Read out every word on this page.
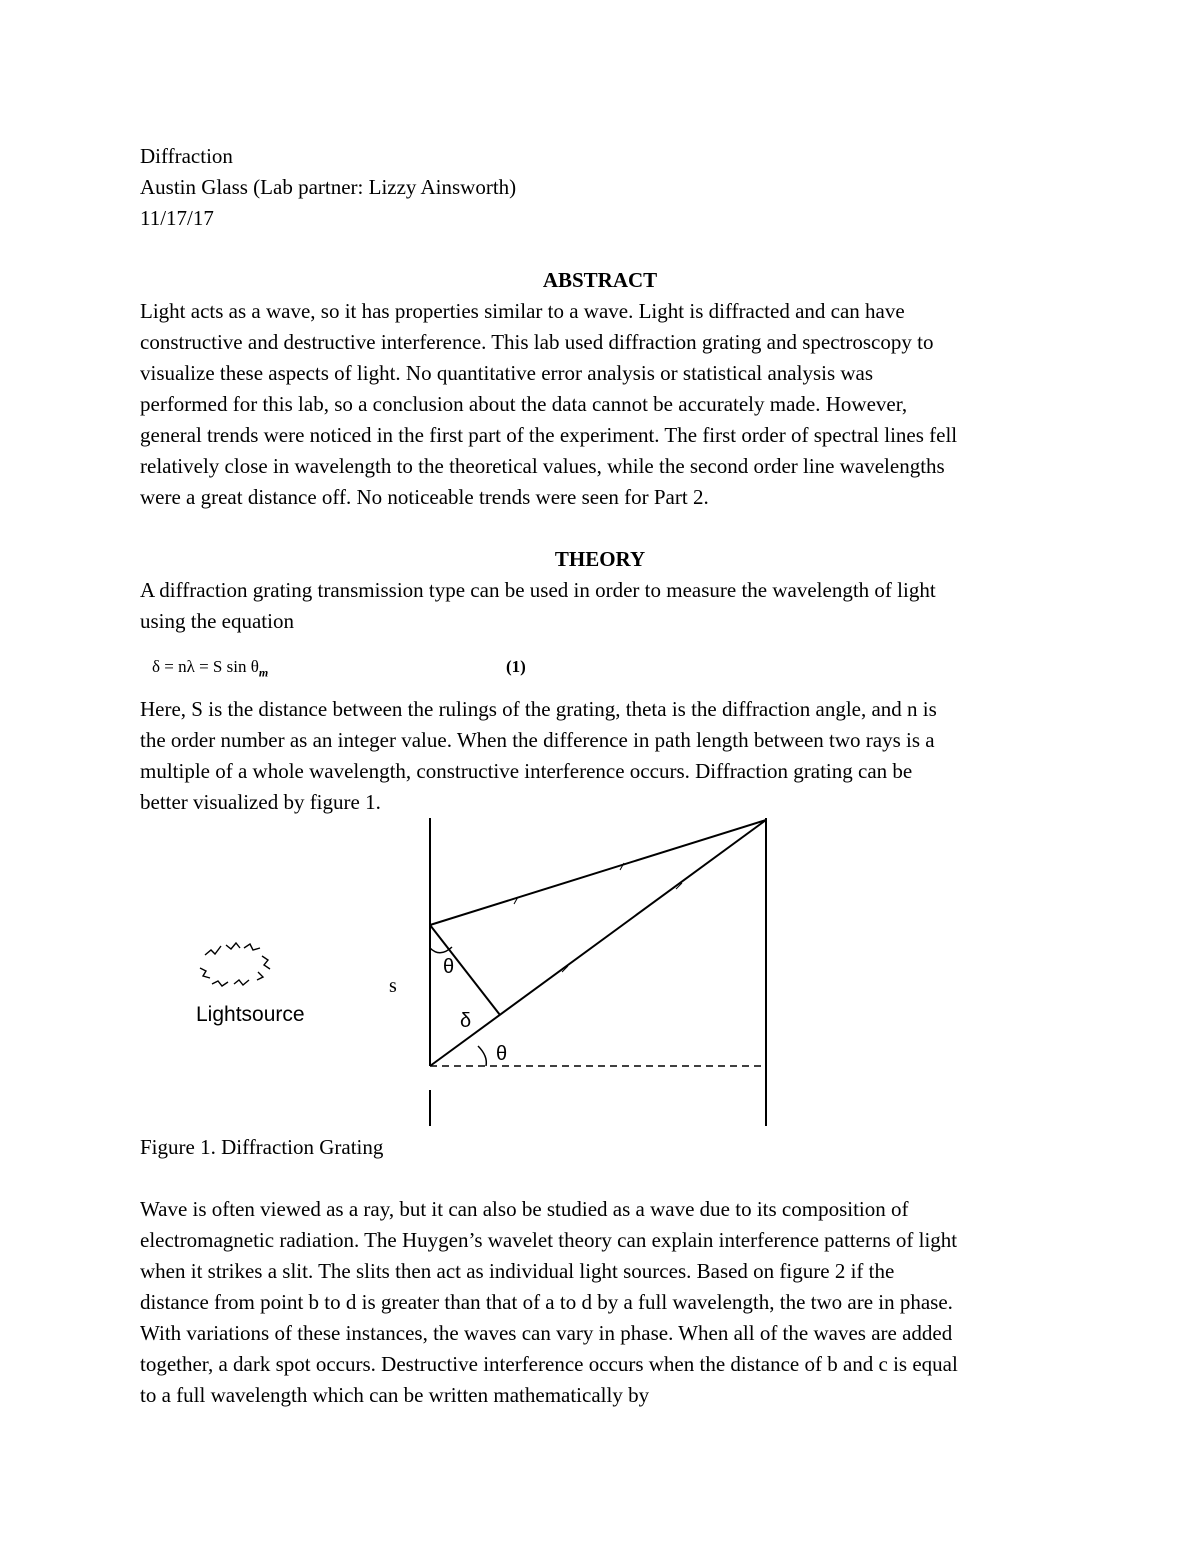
Diffraction
Austin Glass (Lab partner: Lizzy Ainsworth)
11/17/17
ABSTRACT
Light acts as a wave, so it has properties similar to a wave. Light is diffracted and can have
constructive and destructive interference. This lab used diffraction grating and spectroscopy to
visualize these aspects of light. No quantitative error analysis or statistical analysis was
performed for this lab, so a conclusion about the data cannot be accurately made. However,
general trends were noticed in the first part of the experiment. The first order of spectral lines fell
relatively close in wavelength to the theoretical values, while the second order line wavelengths
were a great distance off. No noticeable trends were seen for Part 2.
THEORY
A diffraction grating transmission type can be used in order to measure the wavelength of light
using the equation
δ = nλ = S $\sin \theta_m$	(1)
Here, S is the distance between the rulings of the grating, theta is the diffraction angle, and n is
the order number as an integer value. When the difference in path length between two rays is a
multiple of a whole wavelength, constructive interference occurs. Diffraction grating can be
better visualized by figure 1.
Lightsource
s
θ
δ
θ
Figure 1. Diffraction Grating
Wave is often viewed as a ray, but it can also be studied as a wave due to its composition of
electromagnetic radiation. The Huygen’s wavelet theory can explain interference patterns of light
when it strikes a slit. The slits then act as individual light sources. Based on figure 2 if the
distance from point b to d is greater than that of a to d by a full wavelength, the two are in phase.
With variations of these instances, the waves can vary in phase. When all of the waves are added
together, a dark spot occurs. Destructive interference occurs when the distance of b and c is equal
to a full wavelength which can be written mathematically by
